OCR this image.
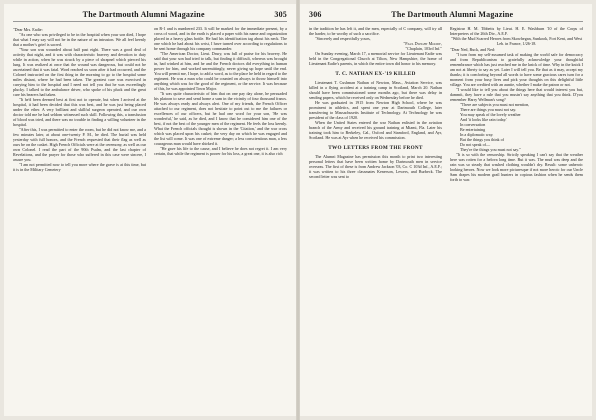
The Dartmouth Alumni Magazine	305

"Dear Mrs. Eadie:

"As one who was privileged to be in the hospital when your son died, I hope that what I may say will not be in the nature of an intrusion. We all feel keenly that a mother's grief is sacred.

"Your son was wounded about half past eight. There was a good deal of activity that night, and it was with characteristic bravery and devotion to duty while in action, when he was struck by a piece of shrapnel which pierced his lung. It was realized at once that the wound was dangerous, but could not be ascertained that it was fatal. Word reached us soon after it had occurred, and the Colonel instructed on the first thing in the morning to go to the hospital some miles distant, where he had been taken. The greatest care was exercised in carrying him to the hospital and I need not tell you that he was exceedingly plucky. I talked to the ambulance driver, who spoke of his pluck and the great care his bearers had taken.

"It he'd been deemed best at first not to operate, but when I arrived at the hospital, it had been decided that this was best, and he was just being placed under the ether. A very brilliant and skillful surgeon operated, and our own doctor told me he had seldom witnessed such skill. Following this, a transfusion of blood was tried, and there was no trouble in finding a willing volunteer in the hospital.

"After this, I was permitted to enter the room, but he did not know me, and a few minutes later, at about one-twenty P. M., he died. The burial was held yesterday with full honors, and the French requested that their flag as well as ours be on the casket. High French Officials were at the ceremony, as well as our own Colonel. I read the part of the 90th Psalm, and the last chapter of Revelations, and the prayer for those who suffered in this case were sincere, I assure you.

"I am not permitted now to tell you more where the grave is at this time, but it is in the Military Cemetery

on R-1 and is numbered 233. It will be marked for the immediate present, by a cross of wood, and in the earth is placed a paper with his name and organization placed in a heavy glass bottle. He had his identification tag about his neck. The one which he had about his wrist, I have turned over according to regulations to be sent home through his company commander.

"The American Doctor, Lieut. Drury, was full of praise for his bravery. He said that your son had tried to talk, but finding it difficult, whereas was brought in, had winked at him, and he and the French doctors did everything in human power for him, and worked unremittingly, never giving up hope until the end. You will permit me, I hope, to add a word, as to the place he held in regard to the regiment. He was a man who could be counted on always to throw himself into anything which was for the good of the regiment, or the service. It was because of this, he was appointed Town Major.

"It was quite characteristic of him that on one pay day alone, he persuaded his platoon to save and send home a sum in the vicinity of four thousand francs. He was always ready and always alert. One of my friends, the French Officer attached to our regiment, does not hesitate to point out to me the failures or excellences of our officers, but he had one word for your son, 'He was wonderful,' he said, as he died, and I know that he considered him one of the best, if not the best of the younger men of the regiment. He feels the loss keenly. What the French officials thought is shown in the 'Citation,' and the war cross which was placed upon his casket; the very day on which he was engaged and the list will come. It was one of extreme danger; a less conscientious man, a less courageous man would have shirked it.

"He gave his life to the cause, and I believe he does not regret it. I am very certain, that while the regiment is poorer for his loss, a great one, it is also rich

306	The Dartmouth Alumni Magazine

in the tradition he has left it, and the men, especially of C company, will try all the harder, to be worthy of such a sacrifice.

"Sincerely and respectfully yours,

"Paul Dwight Moody,

"Chaplain, 103rd Inf."

On Sunday evening, March 17, a memorial service for Lieutenant Eadie was held in the Congregational Church at Tilton, New Hampshire, the home of Lieutenant Eadie's parents, in which the entire town did honor to his memory.

T. C. NATHAN EX-'19 KILLED

Lieutenant T. Cushman Nathan of Newton, Mass., Aviation Service, was killed in a flying accident at a training camp in Scotland, March 20. Nathan should have been commissioned some months ago, but there was delay in sending papers, which he received only on Wednesday before he died.

He was graduated in 1915 from Newton High School, where he was prominent in athletics, and spent one year at Dartmouth College, later transferring to Massachusetts Institute of Technology. At Technology he was president of the class of 1920.

When the United States entered the war Nathan enlisted in the aviation branch of the Army and received his ground training at Miami, Fla. Later his training took him to Berkeley, Cal., Oxford and Stamford, England, and Ayr, Scotland. He was at Ayr when he received his commission.

TWO LETTERS FROM THE FRONT

The Alumni Magazine has permission this month to print two interesting personal letters that have been written home by Dartmouth men in service overseas. The first of these is from Andrew Jackson '03, Co. C 103d Inf., A.E.F.; it was written to his three classmates Kenerson, Lewers, and Burbeck. The second letter was sent to

Registrar H. M. Tibbetts by Lieut. H. E. Washburn '10 of the Corps of Interpreters of the 26th Div., A.E.F.

"With the Mud Scarred Heroes from Skowhegan, Sunkook, Fort Kent, and West Leb. in France, 1/26-18.

"Dear Ned, Buck, and Ned:

"I turn from my self-assumed task of making the world safe for democracy and from Republicanism to gratefully acknowledge your thoughtful remembrance which has just reached me in the knick of time. Why in the knick I am not at liberty to say as yet. Later I will tell you. Be that as it may, accept my thanks; it is comforting beyond all words to have some gracious cares turn for a moment from your busy lives and pick your thoughts on this delightful little village. You are credited with an auntie, whether I make the patron or not.

"I would like to tell you about the things here that would interest you but, dammit, they have a rule that you mustn't say anything that you think. D'you remember Harry Wellman's song?

"There are subjects you must not mention,

There are things you must not say.

You may speak of the lovely weather

And 'it looks like rain today.'

In conversation

Be entertaining

In a diplomatic way.

But the things you think of

Do not speak of—

They're the things you must not say."

"It is so with the censorship. Strictly speaking I can't say that the weather here was rotten for a helova long time. But it was. The mud was deep and the rain was so steady that washed clothing wouldn't dry. Result: some unheroic looking heroes. Now we look more picturesque if not more heroic for our Uncle Sam drapes his modern grail hunters in copious fashion when he sends them forth to war.
